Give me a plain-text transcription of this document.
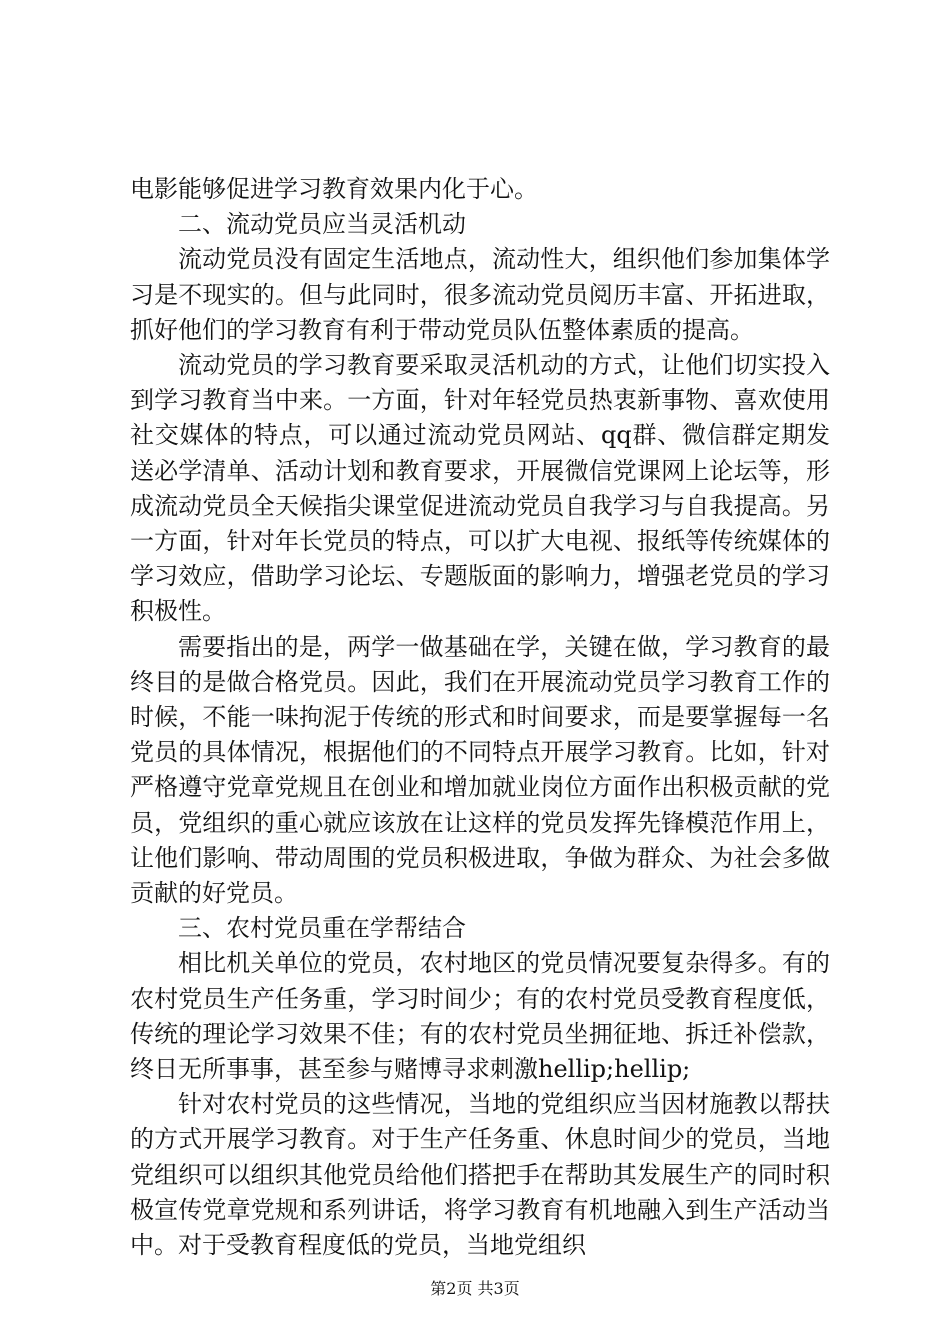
电影能够促进学习教育效果内化于心。

二、流动党员应当灵活机动

流动党员没有固定生活地点，流动性大，组织他们参加集体学习是不现实的。但与此同时，很多流动党员阅历丰富、开拓进取，抓好他们的学习教育有利于带动党员队伍整体素质的提高。

流动党员的学习教育要采取灵活机动的方式，让他们切实投入到学习教育当中来。一方面，针对年轻党员热衷新事物、喜欢使用社交媒体的特点，可以通过流动党员网站、qq群、微信群定期发送必学清单、活动计划和教育要求，开展微信党课网上论坛等，形成流动党员全天候指尖课堂促进流动党员自我学习与自我提高。另一方面，针对年长党员的特点，可以扩大电视、报纸等传统媒体的学习效应，借助学习论坛、专题版面的影响力，增强老党员的学习积极性。

需要指出的是，两学一做基础在学，关键在做，学习教育的最终目的是做合格党员。因此，我们在开展流动党员学习教育工作的时候，不能一味拘泥于传统的形式和时间要求，而是要掌握每一名党员的具体情况，根据他们的不同特点开展学习教育。比如，针对严格遵守党章党规且在创业和增加就业岗位方面作出积极贡献的党员，党组织的重心就应该放在让这样的党员发挥先锋模范作用上，让他们影响、带动周围的党员积极进取，争做为群众、为社会多做贡献的好党员。

三、农村党员重在学帮结合

相比机关单位的党员，农村地区的党员情况要复杂得多。有的农村党员生产任务重，学习时间少；有的农村党员受教育程度低，传统的理论学习效果不佳；有的农村党员坐拥征地、拆迁补偿款，终日无所事事，甚至参与赌博寻求刺激hellip;hellip;

针对农村党员的这些情况，当地的党组织应当因材施教以帮扶的方式开展学习教育。对于生产任务重、休息时间少的党员，当地党组织可以组织其他党员给他们搭把手在帮助其发展生产的同时积极宣传党章党规和系列讲话，将学习教育有机地融入到生产活动当中。对于受教育程度低的党员，当地党组织

第2页 共3页
